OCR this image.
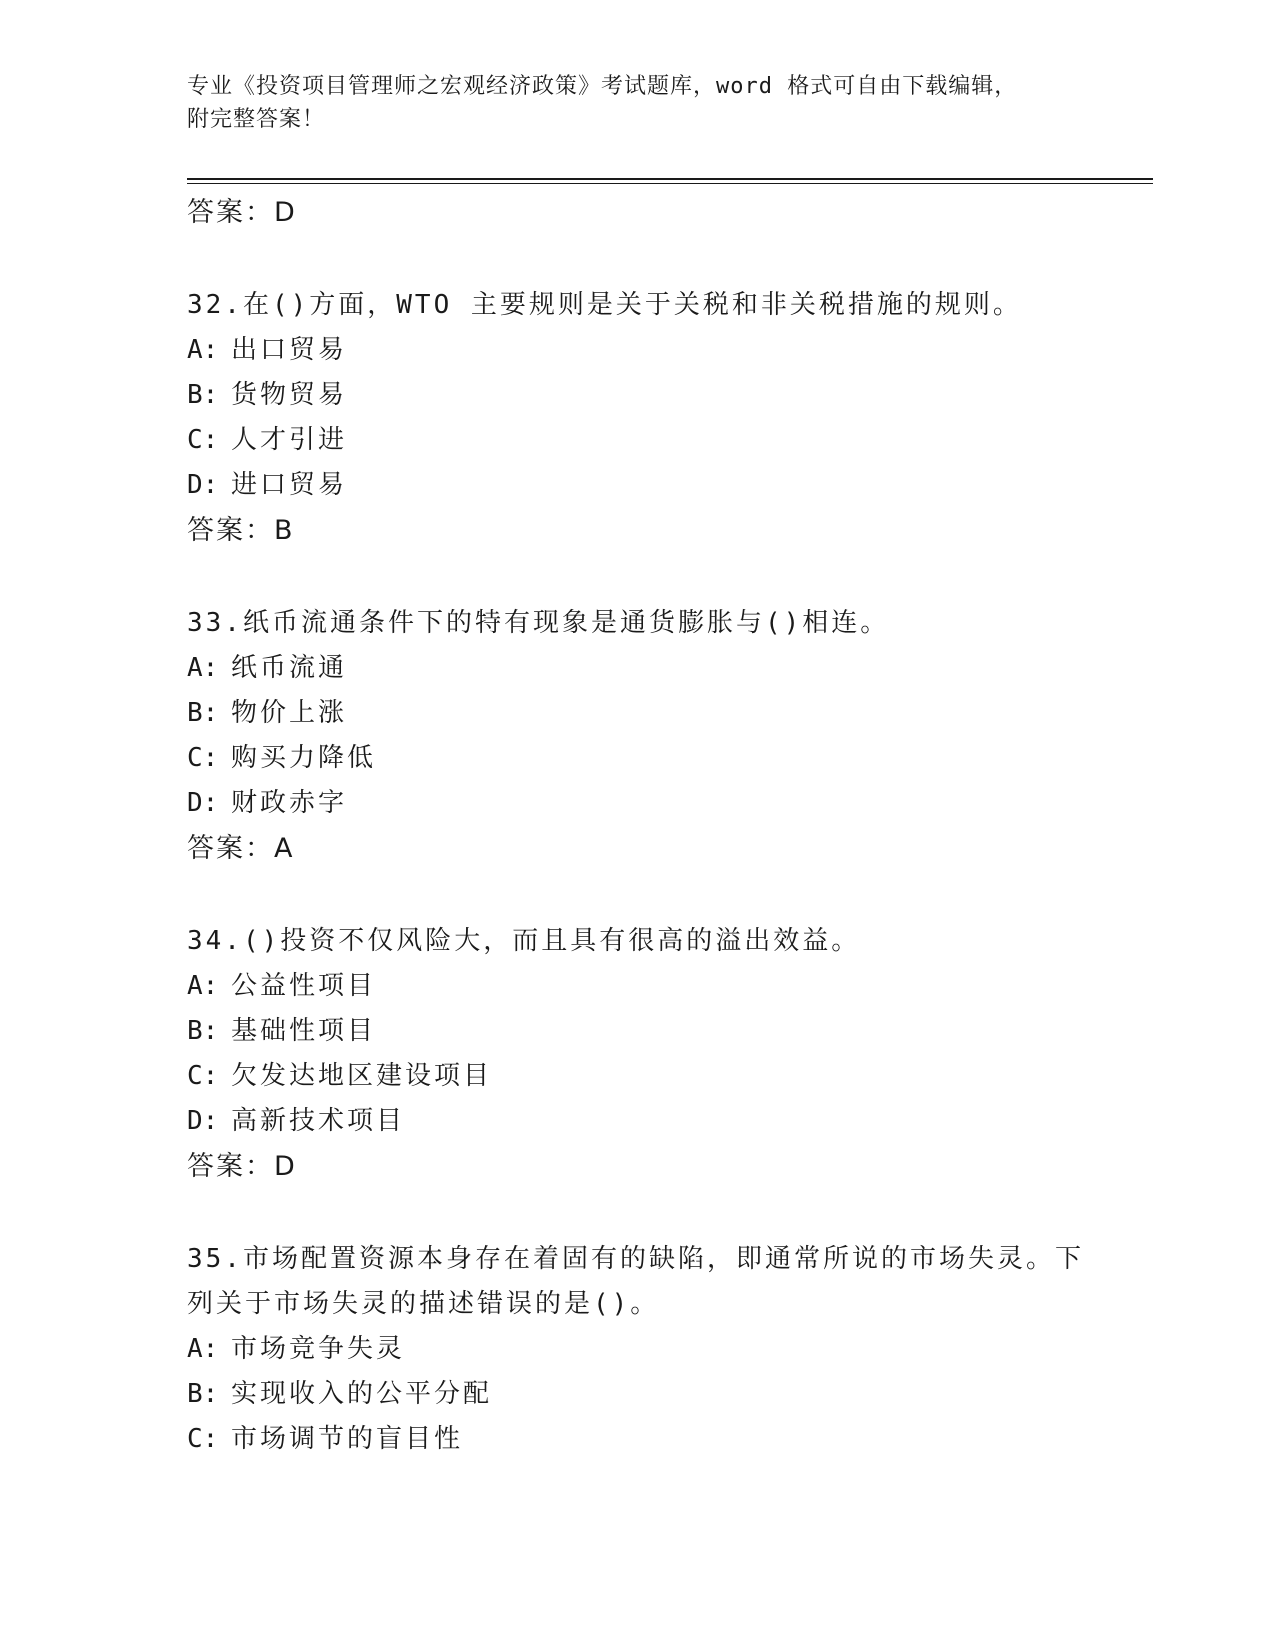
专业《投资项目管理师之宏观经济政策》考试题库，word 格式可自由下载编辑，
附完整答案！
答案：D
32.在()方面，WTO 主要规则是关于关税和非关税措施的规则。
A: 出口贸易
B: 货物贸易
C: 人才引进
D: 进口贸易
答案：B
33.纸币流通条件下的特有现象是通货膨胀与()相连。
A: 纸币流通
B: 物价上涨
C: 购买力降低
D: 财政赤字
答案：A
34.()投资不仅风险大，而且具有很高的溢出效益。
A: 公益性项目
B: 基础性项目
C: 欠发达地区建设项目
D: 高新技术项目
答案：D
35.市场配置资源本身存在着固有的缺陷，即通常所说的市场失灵。下
列关于市场失灵的描述错误的是()。
A: 市场竞争失灵
B: 实现收入的公平分配
C: 市场调节的盲目性
